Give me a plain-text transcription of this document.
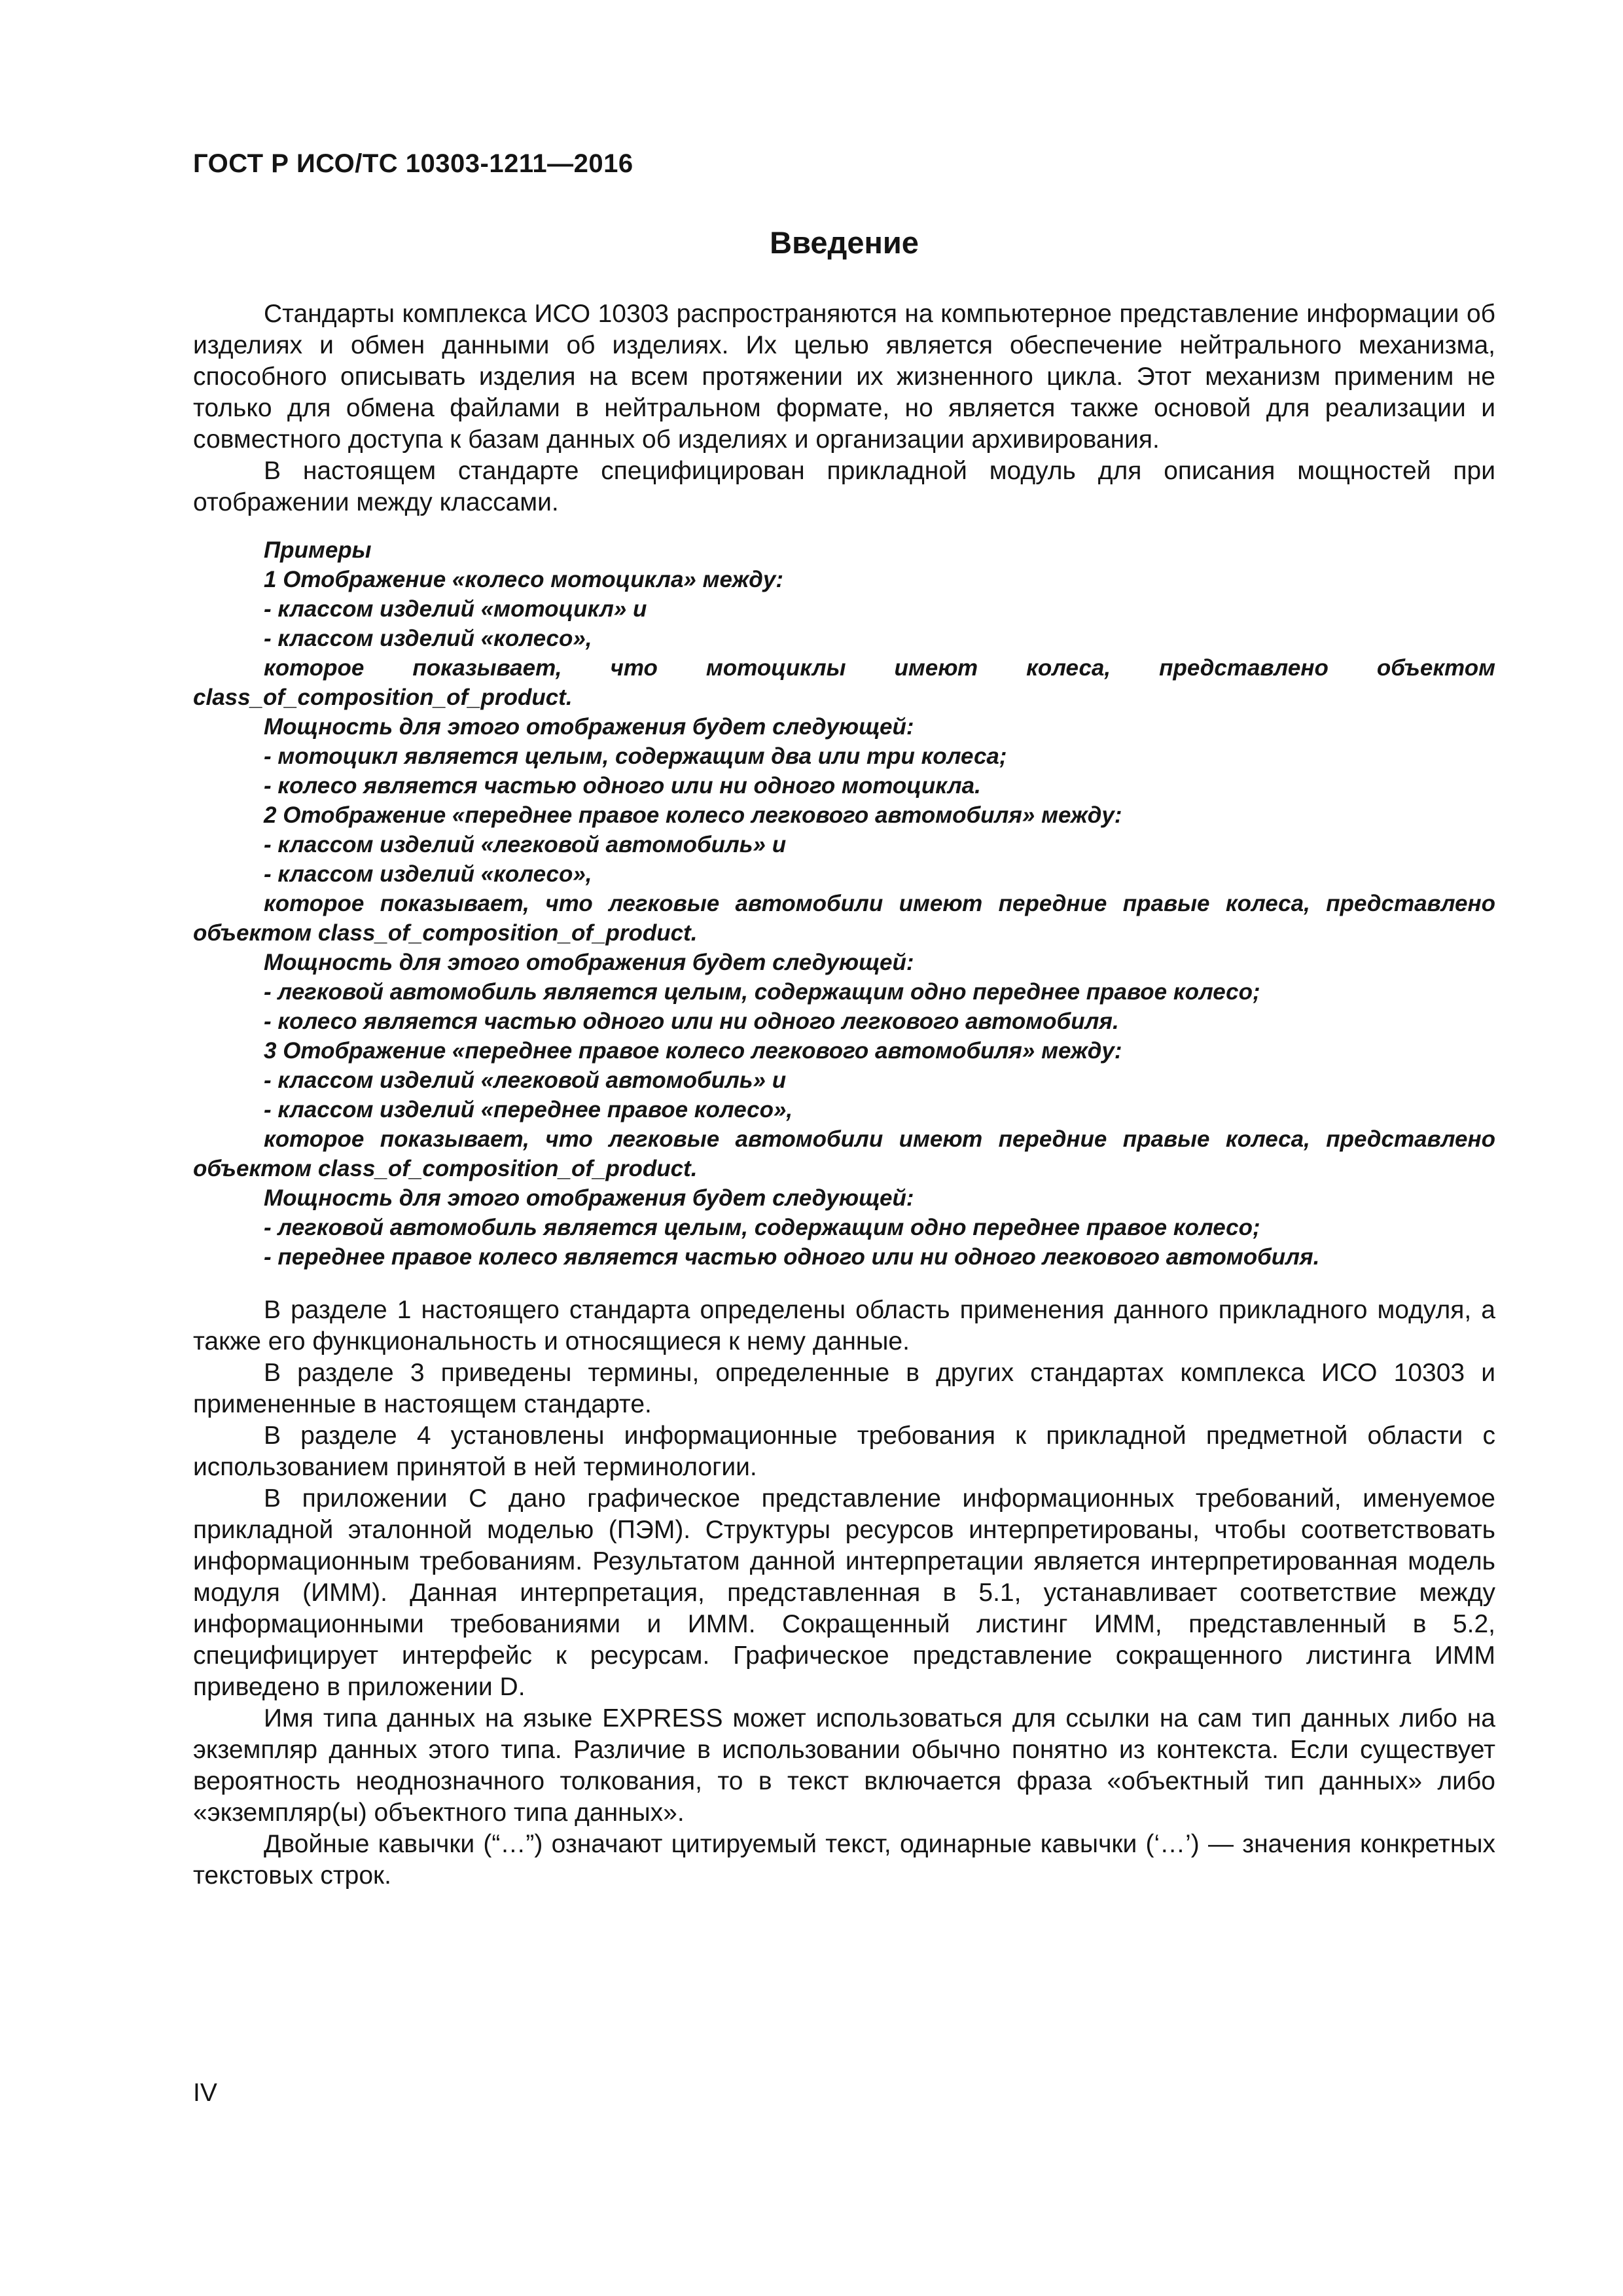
ГОСТ Р ИСО/ТС 10303-1211—2016
Введение

Стандарты комплекса ИСО 10303 распространяются на компьютерное представление информации об изделиях и обмен данными об изделиях. Их целью является обеспечение нейтрального механизма, способного описывать изделия на всем протяжении их жизненного цикла. Этот механизм применим не только для обмена файлами в нейтральном формате, но является также основой для реализации и совместного доступа к базам данных об изделиях и организации архивирования.

В настоящем стандарте специфицирован прикладной модуль для описания мощностей при отображении между классами.

Примеры
1 Отображение «колесо мотоцикла» между:
- классом изделий «мотоцикл» и
- классом изделий «колесо»,
которое показывает, что мотоциклы имеют колеса, представлено объектом
class_of_composition_of_product.
Мощность для этого отображения будет следующей:
- мотоцикл является целым, содержащим два или три колеса;
- колесо является частью одного или ни одного мотоцикла.
2 Отображение «переднее правое колесо легкового автомобиля» между:
- классом изделий «легковой автомобиль» и
- классом изделий «колесо»,
которое показывает, что легковые автомобили имеют передние правые колеса, представлено
объектом class_of_composition_of_product.
Мощность для этого отображения будет следующей:
- легковой автомобиль является целым, содержащим одно переднее правое колесо;
- колесо является частью одного или ни одного легкового автомобиля.
3 Отображение «переднее правое колесо легкового автомобиля» между:
- классом изделий «легковой автомобиль» и
- классом изделий «переднее правое колесо»,
которое показывает, что легковые автомобили имеют передние правые колеса, представлено
объектом class_of_composition_of_product.
Мощность для этого отображения будет следующей:
- легковой автомобиль является целым, содержащим одно переднее правое колесо;
- переднее правое колесо является частью одного или ни одного легкового автомобиля.

В разделе 1 настоящего стандарта определены область применения данного прикладного модуля, а также его функциональность и относящиеся к нему данные.

В разделе 3 приведены термины, определенные в других стандартах комплекса ИСО 10303 и примененные в настоящем стандарте.

В разделе 4 установлены информационные требования к прикладной предметной области с использованием принятой в ней терминологии.

В приложении С дано графическое представление информационных требований, именуемое прикладной эталонной моделью (ПЭМ). Структуры ресурсов интерпретированы, чтобы соответствовать информационным требованиям. Результатом данной интерпретации является интерпретированная модель модуля (ИММ). Данная интерпретация, представленная в 5.1, устанавливает соответствие между информационными требованиями и ИММ. Сокращенный листинг ИММ, представленный в 5.2, специфицирует интерфейс к ресурсам. Графическое представление сокращенного листинга ИММ приведено в приложении D.

Имя типа данных на языке EXPRESS может использоваться для ссылки на сам тип данных либо на экземпляр данных этого типа. Различие в использовании обычно понятно из контекста. Если существует вероятность неоднозначного толкования, то в текст включается фраза «объектный тип данных» либо «экземпляр(ы) объектного типа данных».

Двойные кавычки (“…”) означают цитируемый текст, одинарные кавычки (‘…’) — значения конкретных текстовых строк.

IV
